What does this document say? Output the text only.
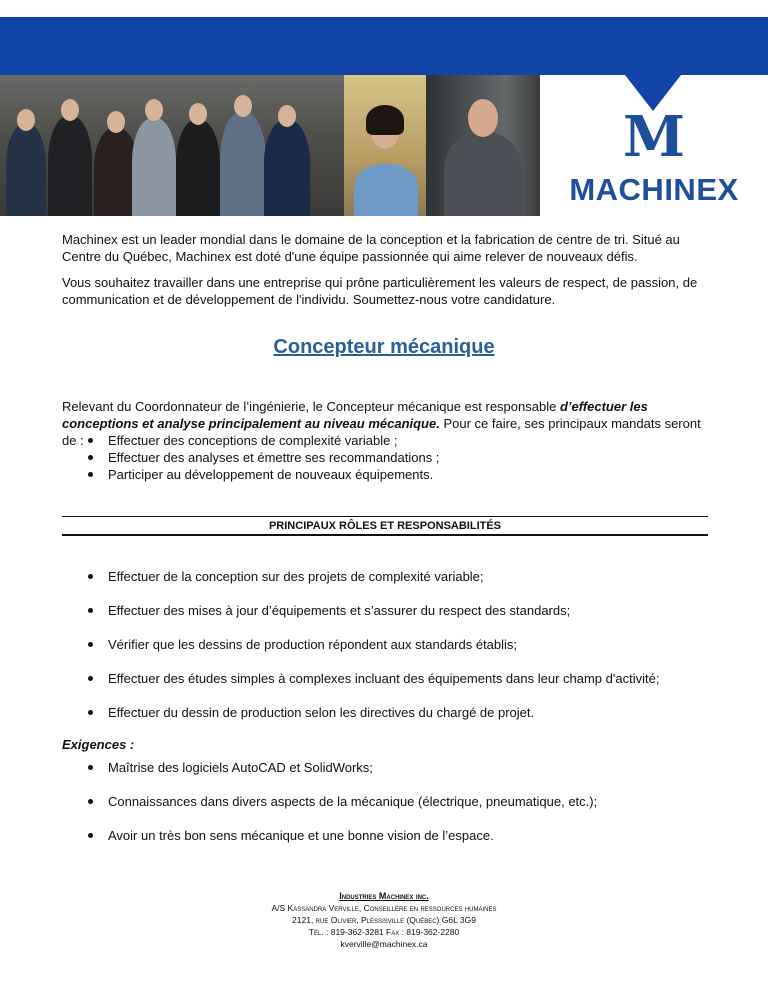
M
MACHINEX

Machinex est un leader mondial dans le domaine de la conception et la fabrication de centre de tri. Situé au Centre du Québec, Machinex est doté d'une équipe passionnée qui aime relever de nouveaux défis.

Vous souhaitez travailler dans une entreprise qui prône particulièrement les valeurs de respect, de passion, de communication et de développement de l'individu. Soumettez-nous votre candidature.

Concepteur mécanique

Relevant du Coordonnateur de l’ingénierie, le Concepteur mécanique est responsable d’effectuer les conceptions et analyse principalement au niveau mécanique. Pour ce faire, ses principaux mandats seront de :	Effectuer des conceptions de complexité variable ;
Effectuer des analyses et émettre ses recommandations ;
Participer au développement de nouveaux équipements.
PRINCIPAUX RÔLES ET RESPONSABILITÉS
Effectuer de la conception sur des projets de complexité variable;
Effectuer des mises à jour d’équipements et s’assurer du respect des standards;
Vérifier que les dessins de production répondent aux standards établis;
Effectuer des études simples à complexes incluant des équipements dans leur champ d'activité;
Effectuer du dessin de production selon les directives du chargé de projet.
Exigences :
Maîtrise des logiciels AutoCAD et SolidWorks;
Connaissances dans divers aspects de la mécanique (électrique, pneumatique, etc.);
Avoir un très bon sens mécanique et une bonne vision de l’espace.
Industries Machinex inc.
A/S Kassandra Verville, Conseillère en ressources humaines
2121, rue Olivier, Plessisville (Québec) G6L 3G9
Tél. : 819-362-3281 Fax : 819-362-2280
kverville@machinex.ca
